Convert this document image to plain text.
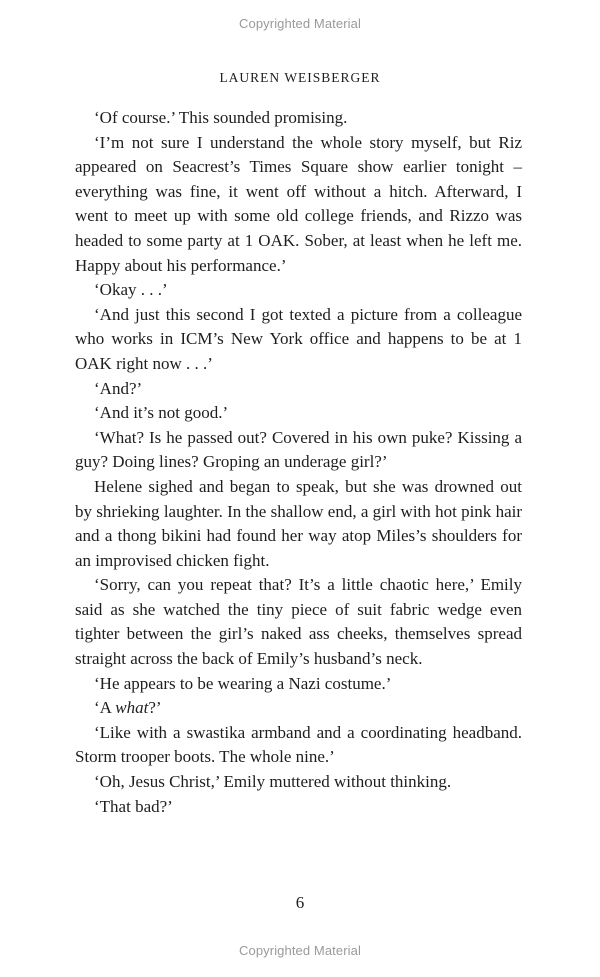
Copyrighted Material
LAUREN WEISBERGER

‘Of course.’ This sounded promising.

‘I’m not sure I understand the whole story myself, but Riz appeared on Seacrest’s Times Square show earlier tonight – everything was fine, it went off without a hitch. Afterward, I went to meet up with some old college friends, and Rizzo was headed to some party at 1 OAK. Sober, at least when he left me. Happy about his performance.’

‘Okay . . .’

‘And just this second I got texted a picture from a colleague who works in ICM’s New York office and happens to be at 1 OAK right now . . .’

‘And?’

‘And it’s not good.’

‘What? Is he passed out? Covered in his own puke? Kissing a guy? Doing lines? Groping an underage girl?’

Helene sighed and began to speak, but she was drowned out by shrieking laughter. In the shallow end, a girl with hot pink hair and a thong bikini had found her way atop Miles’s shoulders for an improvised chicken fight.

‘Sorry, can you repeat that? It’s a little chaotic here,’ Emily said as she watched the tiny piece of suit fabric wedge even tighter between the girl’s naked ass cheeks, themselves spread straight across the back of Emily’s husband’s neck.

‘He appears to be wearing a Nazi costume.’

‘A what?’

‘Like with a swastika armband and a coordinating headband. Storm trooper boots. The whole nine.’

‘Oh, Jesus Christ,’ Emily muttered without thinking.

‘That bad?’

6
Copyrighted Material
